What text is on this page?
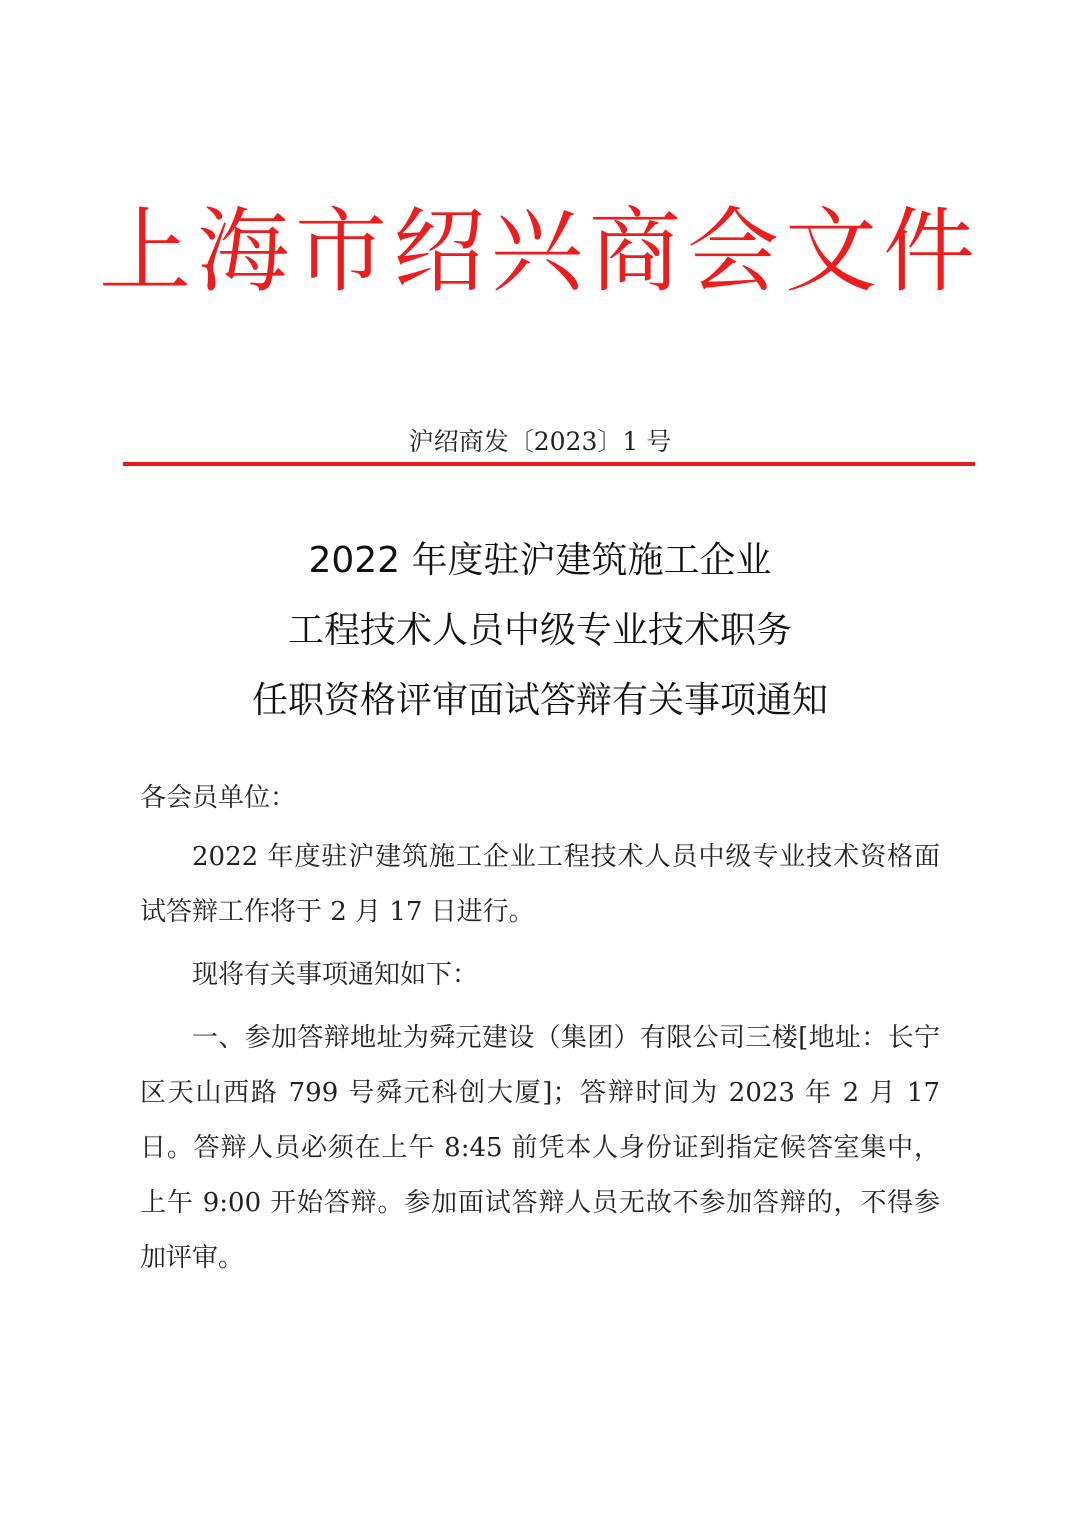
上海市绍兴商会文件
沪绍商发〔2023〕1 号
2022 年度驻沪建筑施工企业
工程技术人员中级专业技术职务
任职资格评审面试答辩有关事项通知
各会员单位：

2022 年度驻沪建筑施工企业工程技术人员中级专业技术资格面试答辩工作将于 2 月 17 日进行。

现将有关事项通知如下：

一、参加答辩地址为舜元建设（集团）有限公司三楼[地址：长宁区天山西路 799 号舜元科创大厦]；答辩时间为 2023 年 2 月 17 日。答辩人员必须在上午 8:45 前凭本人身份证到指定候答室集中，上午 9:00 开始答辩。参加面试答辩人员无故不参加答辩的，不得参加评审。
